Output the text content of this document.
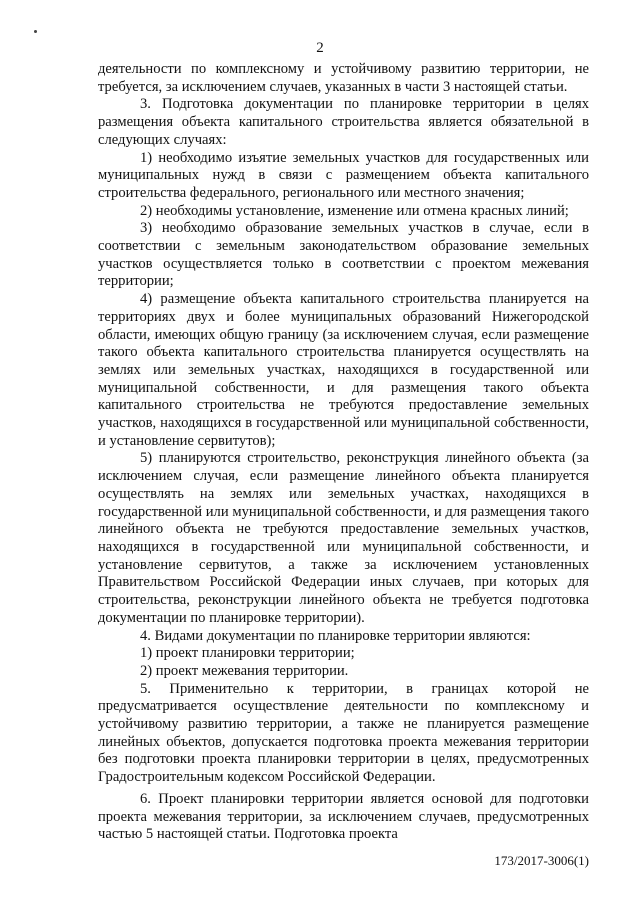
2

деятельности по комплексному и устойчивому развитию территории, не требуется, за исключением случаев, указанных в части 3 настоящей статьи.

3. Подготовка документации по планировке территории в целях размещения объекта капитального строительства является обязательной в следующих случаях:

1) необходимо изъятие земельных участков для государственных или муниципальных нужд в связи с размещением объекта капитального строительства федерального, регионального или местного значения;

2) необходимы установление, изменение или отмена красных линий;

3) необходимо образование земельных участков в случае, если в соответствии с земельным законодательством образование земельных участков осуществляется только в соответствии с проектом межевания территории;

4) размещение объекта капитального строительства планируется на территориях двух и более муниципальных образований Нижегородской области, имеющих общую границу (за исключением случая, если размещение такого объекта капитального строительства планируется осуществлять на землях или земельных участках, находящихся в государственной или муниципальной собственности, и для размещения такого объекта капитального строительства не требуются предоставление земельных участков, находящихся в государственной или муниципальной собственности, и установление сервитутов);

5) планируются строительство, реконструкция линейного объекта (за исключением случая, если размещение линейного объекта планируется осуществлять на землях или земельных участках, находящихся в государственной или муниципальной собственности, и для размещения такого линейного объекта не требуются предоставление земельных участков, находящихся в государственной или муниципальной собственности, и установление сервитутов, а также за исключением установленных Правительством Российской Федерации иных случаев, при которых для строительства, реконструкции линейного объекта не требуется подготовка документации по планировке территории).

4. Видами документации по планировке территории являются:

1) проект планировки территории;

2) проект межевания территории.

5. Применительно к территории, в границах которой не предусматривается осуществление деятельности по комплексному и устойчивому развитию территории, а также не планируется размещение линейных объектов, допускается подготовка проекта межевания территории без подготовки проекта планировки территории в целях, предусмотренных Градостроительным кодексом Российской Федерации.

6. Проект планировки территории является основой для подготовки проекта межевания территории, за исключением случаев, предусмотренных частью 5 настоящей статьи. Подготовка проекта

173/2017-3006(1)
